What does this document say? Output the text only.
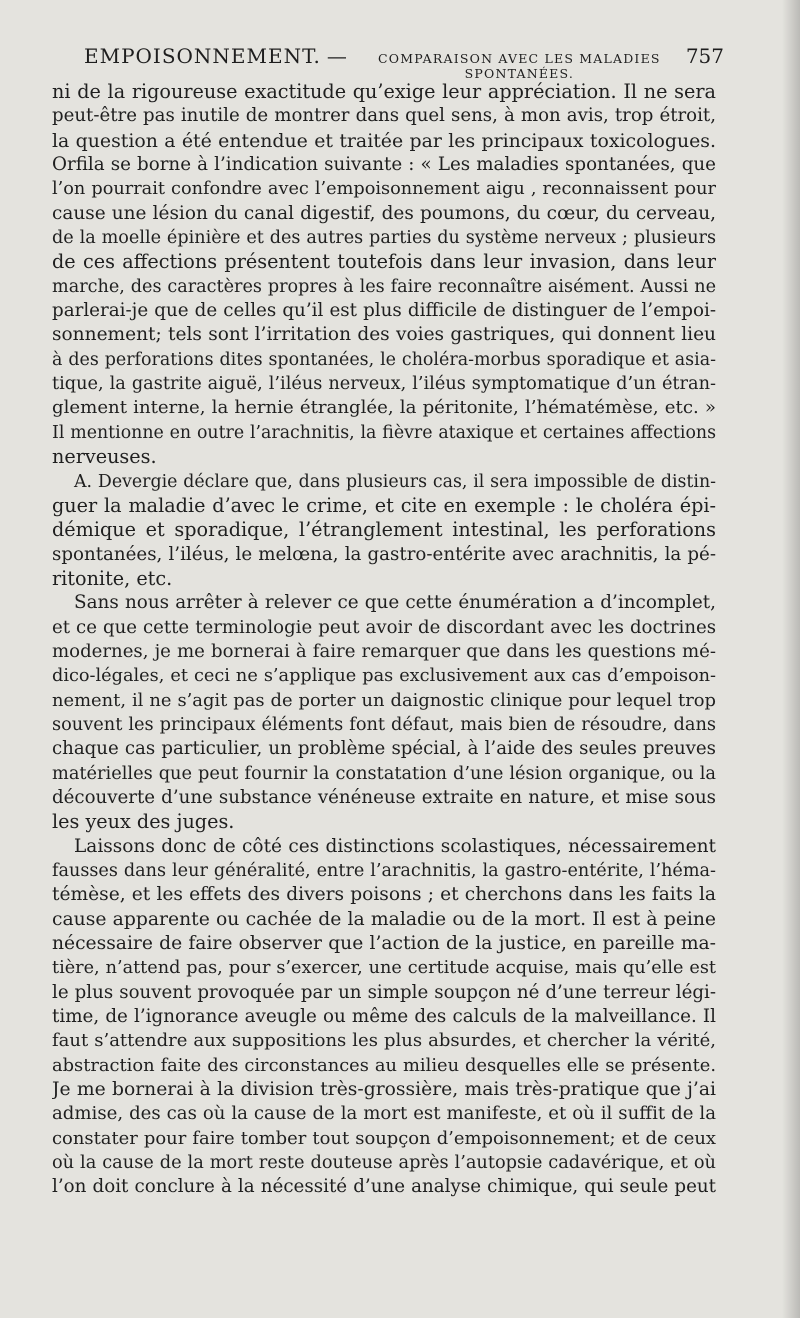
EMPOISONNEMENT. —	COMPARAISON AVEC LES MALADIES SPONTANÉES.
757
ni de la rigoureuse exactitude qu’exige leur appréciation. Il ne sera
peut-être pas inutile de montrer dans quel sens, à mon avis, trop étroit,
la question a été entendue et traitée par les principaux toxicologues.
Orfila se borne à l’indication suivante : « Les maladies spontanées, que
l’on pourrait confondre avec l’empoisonnement aigu , reconnaissent pour
cause une lésion du canal digestif, des poumons, du cœur, du cerveau,
de la moelle épinière et des autres parties du système nerveux ; plusieurs
de ces affections présentent toutefois dans leur invasion, dans leur
marche, des caractères propres à les faire reconnaître aisément. Aussi ne
parlerai-je que de celles qu’il est plus difficile de distinguer de l’empoi-
sonnement; tels sont l’irritation des voies gastriques, qui donnent lieu
à des perforations dites spontanées, le choléra-morbus sporadique et asia-
tique, la gastrite aiguë, l’iléus nerveux, l’iléus symptomatique d’un étran-
glement interne, la hernie étranglée, la péritonite, l’hématémèse, etc. »
Il mentionne en outre l’arachnitis, la fièvre ataxique et certaines affections
nerveuses.
A. Devergie déclare que, dans plusieurs cas, il sera impossible de distin-
guer la maladie d’avec le crime, et cite en exemple : le choléra épi-
démique et sporadique, l’étranglement intestinal, les perforations
spontanées, l’iléus, le melœna, la gastro-entérite avec arachnitis, la pé-
ritonite, etc.
Sans nous arrêter à relever ce que cette énumération a d’incomplet,
et ce que cette terminologie peut avoir de discordant avec les doctrines
modernes, je me bornerai à faire remarquer que dans les questions mé-
dico-légales, et ceci ne s’applique pas exclusivement aux cas d’empoison-
nement, il ne s’agit pas de porter un daignostic clinique pour lequel trop
souvent les principaux éléments font défaut, mais bien de résoudre, dans
chaque cas particulier, un problème spécial, à l’aide des seules preuves
matérielles que peut fournir la constatation d’une lésion organique, ou la
découverte d’une substance vénéneuse extraite en nature, et mise sous
les yeux des juges.
Laissons donc de côté ces distinctions scolastiques, nécessairement
fausses dans leur généralité, entre l’arachnitis, la gastro-entérite, l’héma-
témèse, et les effets des divers poisons ; et cherchons dans les faits la
cause apparente ou cachée de la maladie ou de la mort. Il est à peine
nécessaire de faire observer que l’action de la justice, en pareille ma-
tière, n’attend pas, pour s’exercer, une certitude acquise, mais qu’elle est
le plus souvent provoquée par un simple soupçon né d’une terreur légi-
time, de l’ignorance aveugle ou même des calculs de la malveillance. Il
faut s’attendre aux suppositions les plus absurdes, et chercher la vérité,
abstraction faite des circonstances au milieu desquelles elle se présente.
Je me bornerai à la division très-grossière, mais très-pratique que j’ai
admise, des cas où la cause de la mort est manifeste, et où il suffit de la
constater pour faire tomber tout soupçon d’empoisonnement; et de ceux
où la cause de la mort reste douteuse après l’autopsie cadavérique, et où
l’on doit conclure à la nécessité d’une analyse chimique, qui seule peut
